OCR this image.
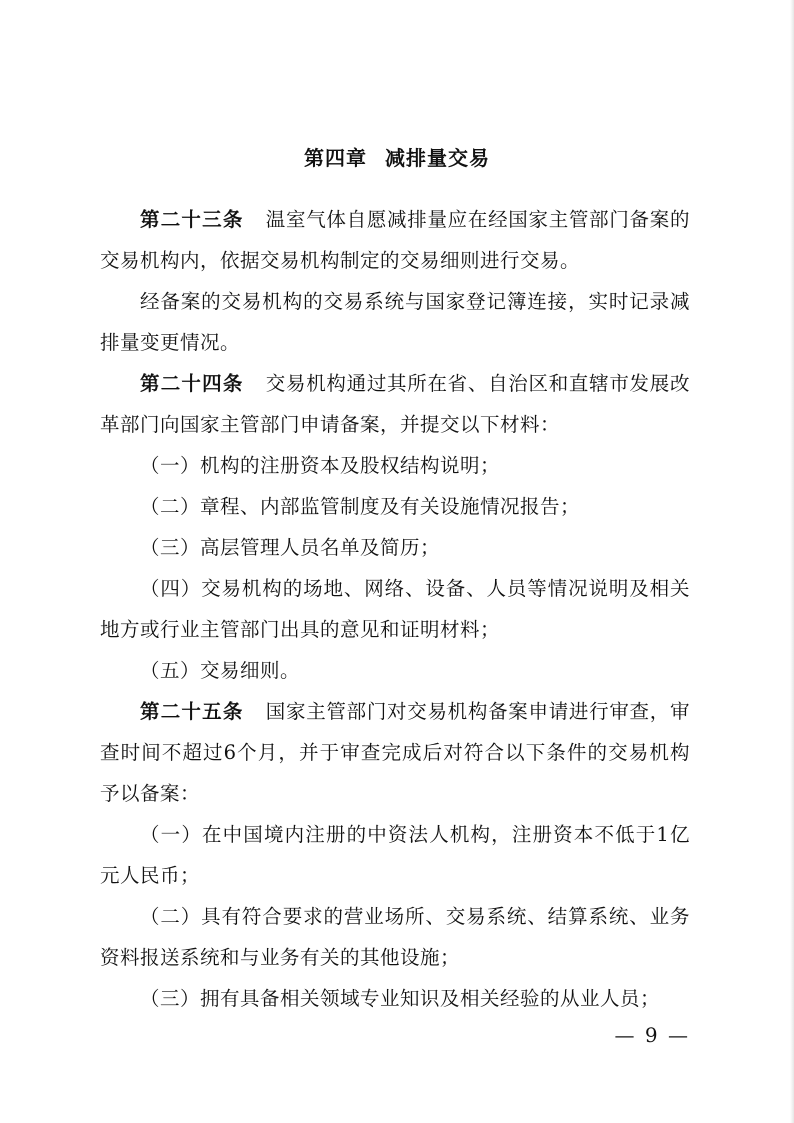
第四章 减排量交易
第二十三条 温室气体自愿减排量应在经国家主管部门备案的交易机构内，依据交易机构制定的交易细则进行交易。
经备案的交易机构的交易系统与国家登记簿连接，实时记录减排量变更情况。
第二十四条 交易机构通过其所在省、自治区和直辖市发展改革部门向国家主管部门申请备案，并提交以下材料：
（一）机构的注册资本及股权结构说明；
（二）章程、内部监管制度及有关设施情况报告；
（三）高层管理人员名单及简历；
（四）交易机构的场地、网络、设备、人员等情况说明及相关地方或行业主管部门出具的意见和证明材料；
（五）交易细则。
第二十五条 国家主管部门对交易机构备案申请进行审查，审查时间不超过6个月，并于审查完成后对符合以下条件的交易机构予以备案：
（一）在中国境内注册的中资法人机构，注册资本不低于1亿元人民币；
（二）具有符合要求的营业场所、交易系统、结算系统、业务资料报送系统和与业务有关的其他设施；
（三）拥有具备相关领域专业知识及相关经验的从业人员；
— 9 —
